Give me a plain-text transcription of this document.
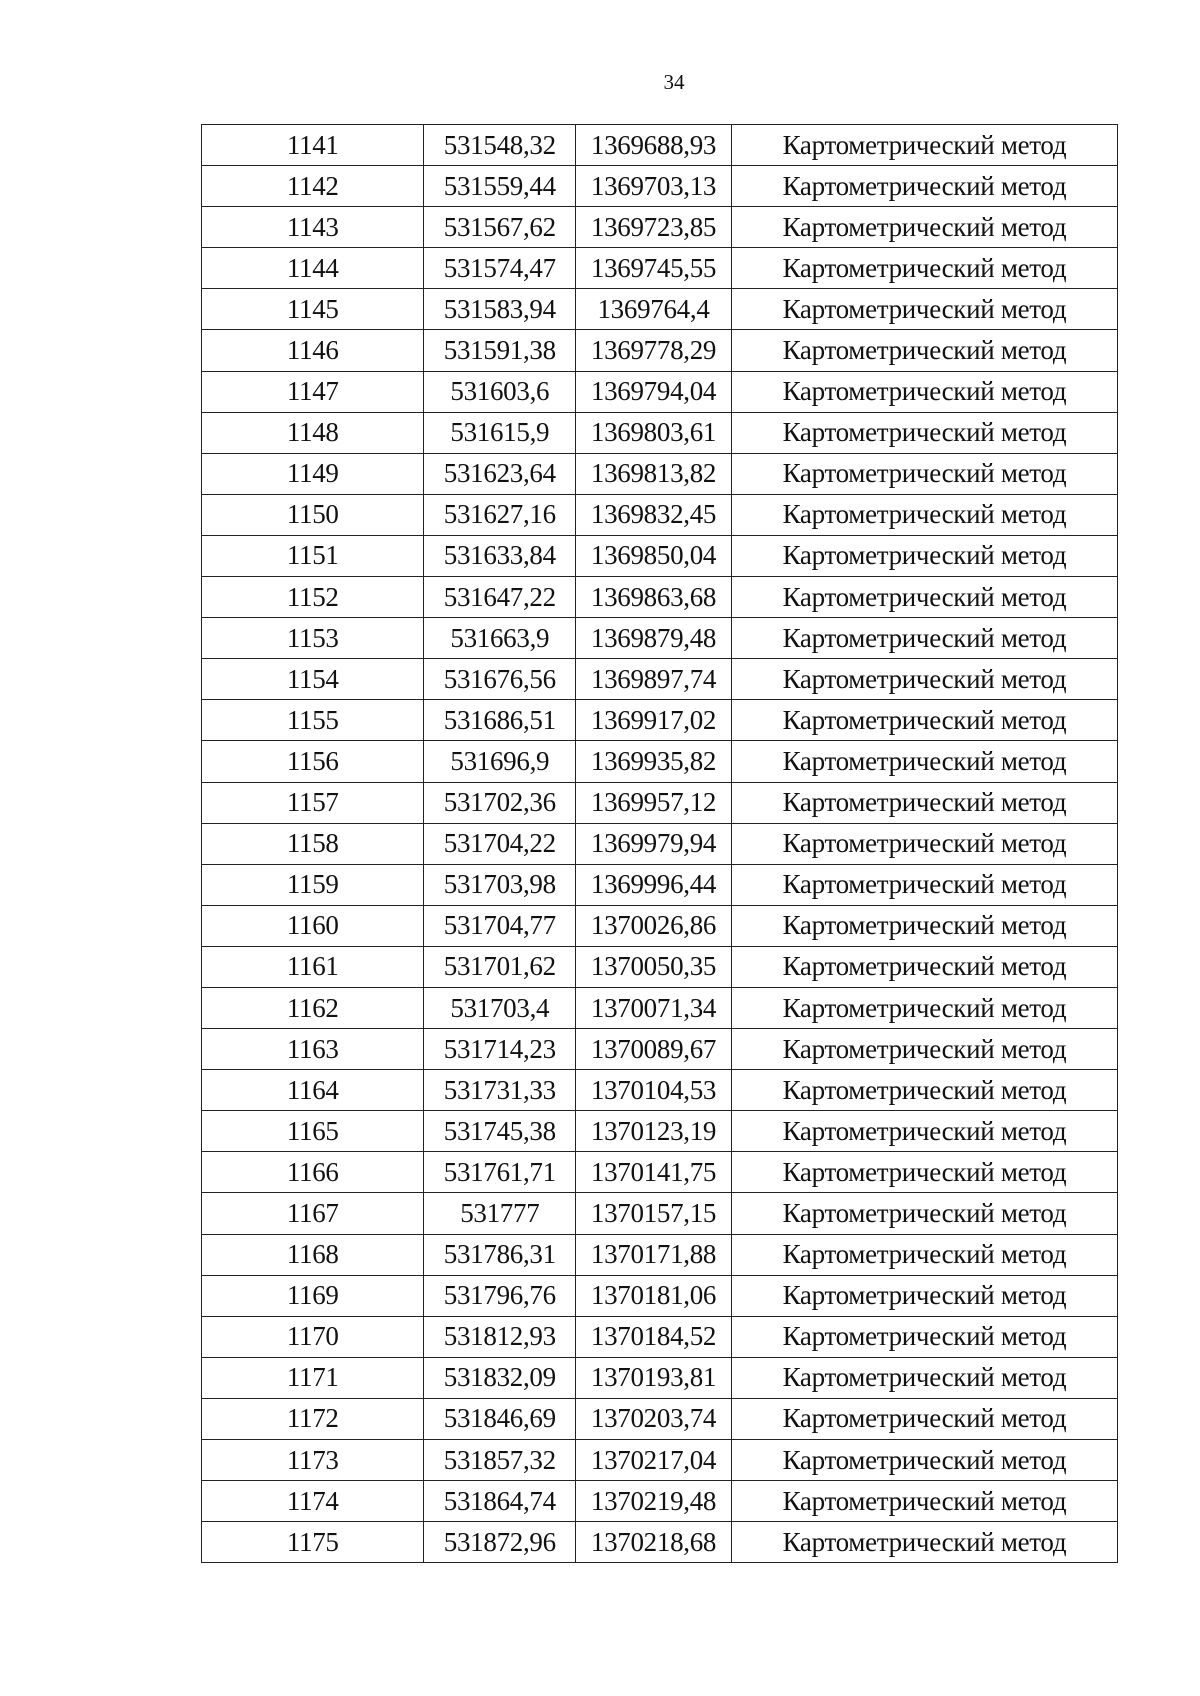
34
1141	531548,32	1369688,93	Картометрический метод
1142	531559,44	1369703,13	Картометрический метод
1143	531567,62	1369723,85	Картометрический метод
1144	531574,47	1369745,55	Картометрический метод
1145	531583,94	1369764,4	Картометрический метод
1146	531591,38	1369778,29	Картометрический метод
1147	531603,6	1369794,04	Картометрический метод
1148	531615,9	1369803,61	Картометрический метод
1149	531623,64	1369813,82	Картометрический метод
1150	531627,16	1369832,45	Картометрический метод
1151	531633,84	1369850,04	Картометрический метод
1152	531647,22	1369863,68	Картометрический метод
1153	531663,9	1369879,48	Картометрический метод
1154	531676,56	1369897,74	Картометрический метод
1155	531686,51	1369917,02	Картометрический метод
1156	531696,9	1369935,82	Картометрический метод
1157	531702,36	1369957,12	Картометрический метод
1158	531704,22	1369979,94	Картометрический метод
1159	531703,98	1369996,44	Картометрический метод
1160	531704,77	1370026,86	Картометрический метод
1161	531701,62	1370050,35	Картометрический метод
1162	531703,4	1370071,34	Картометрический метод
1163	531714,23	1370089,67	Картометрический метод
1164	531731,33	1370104,53	Картометрический метод
1165	531745,38	1370123,19	Картометрический метод
1166	531761,71	1370141,75	Картометрический метод
1167	531777	1370157,15	Картометрический метод
1168	531786,31	1370171,88	Картометрический метод
1169	531796,76	1370181,06	Картометрический метод
1170	531812,93	1370184,52	Картометрический метод
1171	531832,09	1370193,81	Картометрический метод
1172	531846,69	1370203,74	Картометрический метод
1173	531857,32	1370217,04	Картометрический метод
1174	531864,74	1370219,48	Картометрический метод
1175	531872,96	1370218,68	Картометрический метод
